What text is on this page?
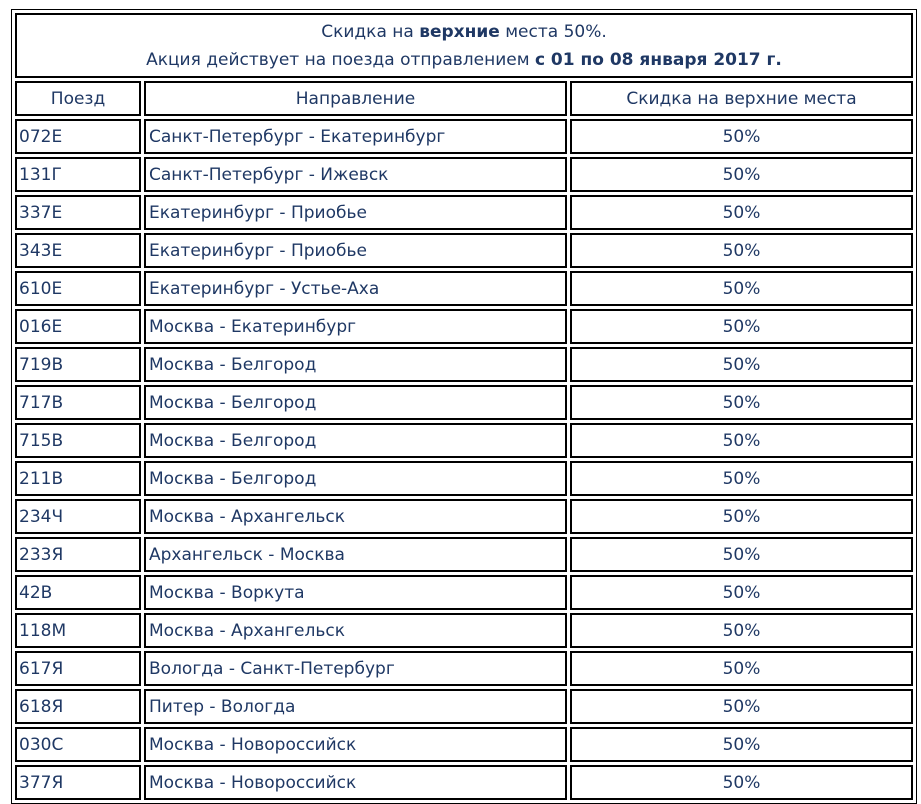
Скидка на верхние места 50%.
Акция действует на поезда отправлением с 01 по 08 января 2017 г.		

Поезд	Направление	Скидка на верхние места
072Е	Санкт-Петербург - Екатеринбург	50%
131Г	Санкт-Петербург - Ижевск	50%
337Е	Екатеринбург - Приобье	50%
343Е	Екатеринбург - Приобье	50%
610Е	Екатеринбург - Устье-Аха	50%
016Е	Москва - Екатеринбург	50%
719В	Москва - Белгород	50%
717В	Москва - Белгород	50%
715В	Москва - Белгород	50%
211В	Москва - Белгород	50%
234Ч	Москва - Архангельск	50%
233Я	Архангельск - Москва	50%
42В	Москва - Воркута	50%
118М	Москва - Архангельск	50%
617Я	Вологда - Санкт-Петербург	50%
618Я	Питер - Вологда	50%
030С	Москва - Новороссийск	50%
377Я	Москва - Новороссийск	50%
